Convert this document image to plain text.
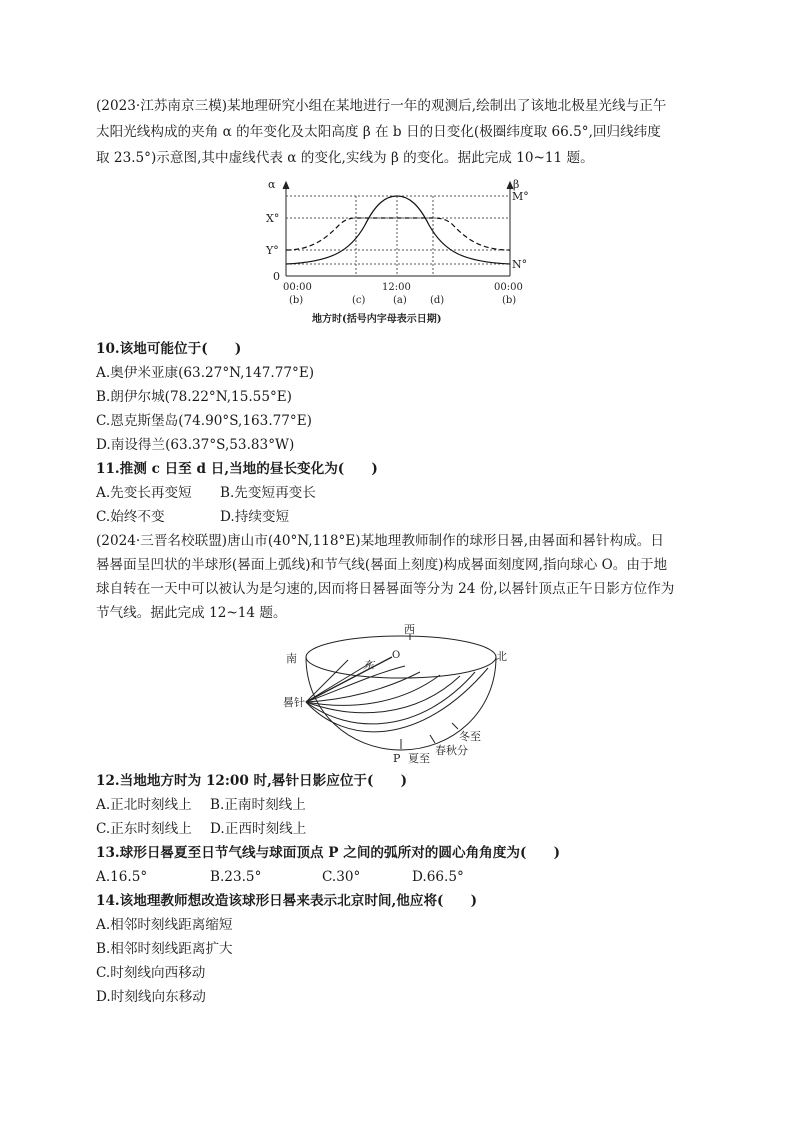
(2023·江苏南京三模)某地理研究小组在某地进行一年的观测后,绘制出了该地北极星光线与正午
太阳光线构成的夹角 α 的年变化及太阳高度 β 在 b 日的日变化(极圈纬度取 66.5°,回归线纬度
取 23.5°)示意图,其中虚线代表 α 的变化,实线为 β 的变化。据此完成 10~11 题。
α	β
X°
Y°
0
M°
N°
00:00	12:00	00:00
(b)	(c)	(a) (d)	(b)
地方时(括号内字母表示日期)
10.该地可能位于(　　)
A.奥伊米亚康(63.27°N,147.77°E)
B.朗伊尔城(78.22°N,15.55°E)
C.恩克斯堡岛(74.90°S,163.77°E)
D.南设得兰(63.37°S,53.83°W)
11.推测 c 日至 d 日,当地的昼长变化为(　　)
A.先变长再变短 B.先变短再变长
C.始终不变	D.持续变短
(2024·三晋名校联盟)唐山市(40°N,118°E)某地理教师制作的球形日晷,由晷面和晷针构成。日
晷晷面呈凹状的半球形(晷面上弧线)和节气线(晷面上刻度)构成晷面刻度网,指向球心 O。由于地
球自转在一天中可以被认为是匀速的,因而将日晷晷面等分为 24 份,以晷针顶点正午日影方位作为
节气线。据此完成 12~14 题。
西
南	北
东
O
晷针
冬至
春秋分
夏至
P
12.当地地方时为 12:00 时,晷针日影应位于(　　)
A.正北时刻线上 B.正南时刻线上
C.正东时刻线上 D.正西时刻线上
13.球形日晷夏至日节气线与球面顶点 P 之间的弧所对的圆心角角度为(　　)
A.16.5°	B.23.5°	C.30°	D.66.5°
14.该地理教师想改造该球形日晷来表示北京时间,他应将(　　)
A.相邻时刻线距离缩短
B.相邻时刻线距离扩大
C.时刻线向西移动
D.时刻线向东移动
